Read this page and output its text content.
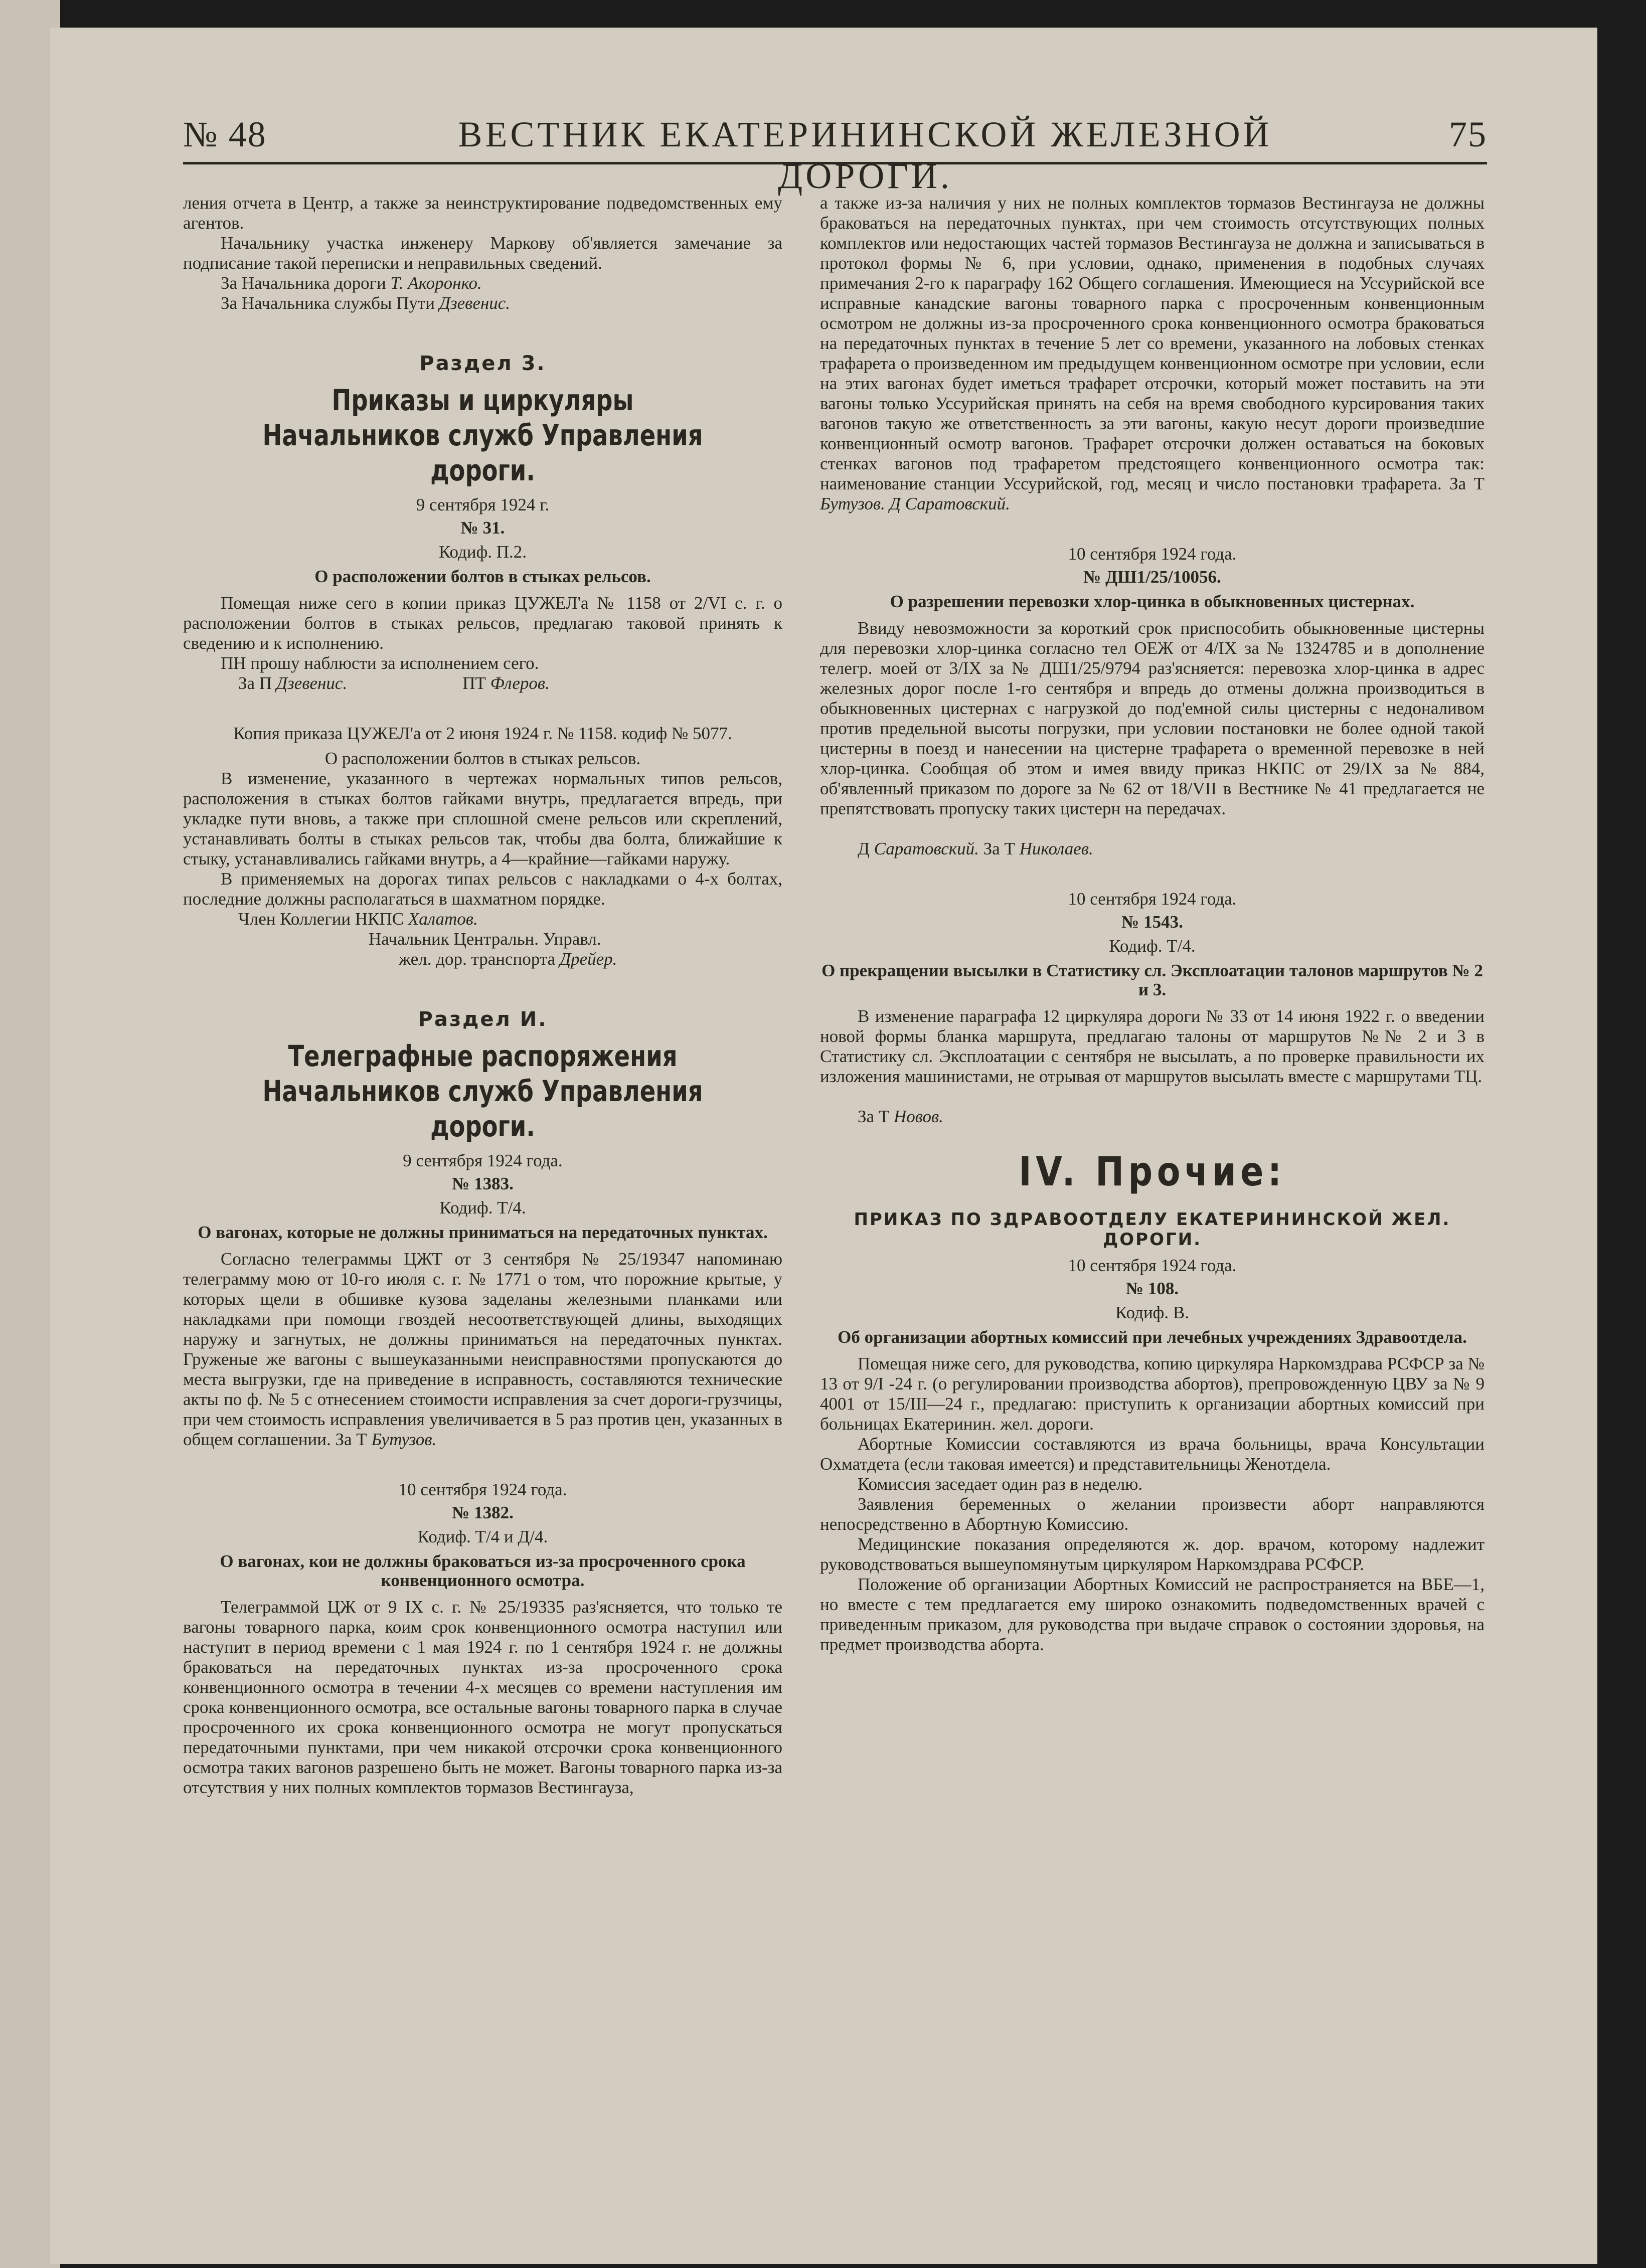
№ 48	ВЕСТНИК ЕКАТЕРИНИНСКОЙ ЖЕЛЕЗНОЙ ДОРОГИ.
75

ления отчета в Центр, а также за неинструктирование подведомственных ему агентов.

Начальнику участка инженеру Маркову об'является замечание за подписание такой переписки и неправильных сведений.

За Начальника дороги Т. Акоронко.

За Начальника службы Пути Дзевенис.

Раздел 3.
Приказы и циркуляры Начальников служб Управления дороги.
9 сентября 1924 г.
№ 31.
Кодиф. П.2.
О расположении болтов в стыках рельсов.

Помещая ниже сего в копии приказ ЦУЖЕЛ'а № 1158 от 2/VI с. г. о расположении болтов в стыках рельсов, предлагаю таковой принять к сведению и к исполнению.

ПН прошу наблюсти за исполнением сего.

За П Дзевенис.	ПТ Флеров.

Копия приказа ЦУЖЕЛ'а от 2 июня 1924 г. № 1158. кодиф № 5077.

О расположении болтов в стыках рельсов.

В изменение, указанного в чертежах нормальных типов рельсов, расположения в стыках болтов гайками внутрь, предлагается впредь, при укладке пути вновь, а также при сплошной смене рельсов или скреплений, устанавливать болты в стыках рельсов так, чтобы два болта, ближайшие к стыку, устанавливались гайками внутрь, а 4—крайние—гайками наружу.

В применяемых на дорогах типах рельсов с накладками о 4-х болтах, последние должны располагаться в шахматном порядке.

Член Коллегии НКПС Халатов.

Начальник Центральн. Управл.

жел. дор. транспорта Дрейер.

Раздел И.
Телеграфные распоряжения Начальников служб Управления дороги.
9 сентября 1924 года.
№ 1383.
Кодиф. Т/4.
О вагонах, которые не должны приниматься на передаточных пунктах.

Согласно телеграммы ЦЖТ от 3 сентября № 25/19347 напоминаю телеграмму мою от 10-го июля с. г. № 1771 о том, что порожние крытые, у которых щели в обшивке кузова заделаны железными планками или накладками при помощи гвоздей несоответствующей длины, выходящих наружу и загнутых, не должны приниматься на передаточных пунктах. Груженые же вагоны с вышеуказанными неисправностями пропускаются до места выгрузки, где на приведение в исправность, составляются технические акты по ф. № 5 с отнесением стоимости исправления за счет дороги-грузчицы, при чем стоимость исправления увеличивается в 5 раз против цен, указанных в общем соглашении. За Т Бутузов.

10 сентября 1924 года.
№ 1382.
Кодиф. Т/4 и Д/4.
О вагонах, кои не должны браковаться из-за просроченного срока конвенционного осмотра.

Телеграммой ЦЖ от 9 IX с. г. № 25/19335 раз'ясняется, что только те вагоны товарного парка, коим срок конвенционного осмотра наступил или наступит в период времени с 1 мая 1924 г. по 1 сентября 1924 г. не должны браковаться на передаточных пунктах из-за просроченного срока конвенционного осмотра в течении 4-х месяцев со времени наступления им срока конвенционного осмотра, все остальные вагоны товарного парка в случае просроченного их срока конвенционного осмотра не могут пропускаться передаточными пунктами, при чем никакой отсрочки срока конвенционного осмотра таких вагонов разрешено быть не может. Вагоны товарного парка из-за отсутствия у них полных комплектов тормазов Вестингауза,

а также из-за наличия у них не полных комплектов тормазов Вестингауза не должны браковаться на передаточных пунктах, при чем стоимость отсутствующих полных комплектов или недостающих частей тормазов Вестингауза не должна и записываться в протокол формы № 6, при условии, однако, применения в подобных случаях примечания 2-го к параграфу 162 Общего соглашения. Имеющиеся на Уссурийской все исправные канадские вагоны товарного парка с просроченным конвенционным осмотром не должны из-за просроченного срока конвенционного осмотра браковаться на передаточных пунктах в течение 5 лет со времени, указанного на лобовых стенках трафарета о произведенном им предыдущем конвенционном осмотре при условии, если на этих вагонах будет иметься трафарет отсрочки, который может поставить на эти вагоны только Уссурийская принять на себя на время свободного курсирования таких вагонов такую же ответственность за эти вагоны, какую несут дороги произведшие конвенционный осмотр вагонов. Трафарет отсрочки должен оставаться на боковых стенках вагонов под трафаретом предстоящего конвенционного осмотра так: наименование станции Уссурийской, год, месяц и число постановки трафарета. За Т Бутузов. Д Саратовский.

10 сентября 1924 года.
№ ДШ1/25/10056.
О разрешении перевозки хлор-цинка в обыкновенных цистернах.

Ввиду невозможности за короткий срок приспособить обыкновенные цистерны для перевозки хлор-цинка согласно тел ОЕЖ от 4/IX за № 1324785 и в дополнение телегр. моей от 3/IX за № ДШ1/25/9794 раз'ясняется: перевозка хлор-цинка в адрес железных дорог после 1-го сентября и впредь до отмены должна производиться в обыкновенных цистернах с нагрузкой до под'емной силы цистерны с недоналивом против предельной высоты погрузки, при условии постановки не более одной такой цистерны в поезд и нанесении на цистерне трафарета о временной перевозке в ней хлор-цинка. Сообщая об этом и имея ввиду приказ НКПС от 29/IX за № 884, об'явленный приказом по дороге за № 62 от 18/VII в Вестнике № 41 предлагается не препятствовать пропуску таких цистерн на передачах.

Д Саратовский. За Т Николаев.

10 сентября 1924 года.
№ 1543.
Кодиф. Т/4.
О прекращении высылки в Статистику сл. Эксплоатации талонов маршрутов № 2 и 3.

В изменение параграфа 12 циркуляра дороги № 33 от 14 июня 1922 г. о введении новой формы бланка маршрута, предлагаю талоны от маршрутов №№ 2 и 3 в Статистику сл. Эксплоатации с сентября не высылать, а по проверке правильности их изложения машинистами, не отрывая от маршрутов высылать вместе с маршрутами ТЦ.

За Т Новов.

IV. Прочие:
ПРИКАЗ ПО ЗДРАВООТДЕЛУ ЕКАТЕРИНИНСКОЙ ЖЕЛ. ДОРОГИ.
10 сентября 1924 года.
№ 108.
Кодиф. В.
Об организации абортных комиссий при лечебных учреждениях Здравоотдела.

Помещая ниже сего, для руководства, копию циркуляра Наркомздрава РСФСР за № 13 от 9/I -24 г. (о регулировании производства абортов), препровожденную ЦВУ за № 9 4001 от 15/III—24 г., предлагаю: приступить к организации абортных комиссий при больницах Екатеринин. жел. дороги.

Абортные Комиссии составляются из врача больницы, врача Консультации Охматдета (если таковая имеется) и представительницы Женотдела.

Комиссия заседает один раз в неделю.

Заявления беременных о желании произвести аборт направляются непосредственно в Абортную Комиссию.

Медицинские показания определяются ж. дор. врачом, которому надлежит руководствоваться вышеупомянутым циркуляром Наркомздрава РСФСР.

Положение об организации Абортных Комиссий не распространяется на ВБЕ—1, но вместе с тем предлагается ему широко ознакомить подведомственных врачей с приведенным приказом, для руководства при выдаче справок о состоянии здоровья, на предмет производства аборта.
